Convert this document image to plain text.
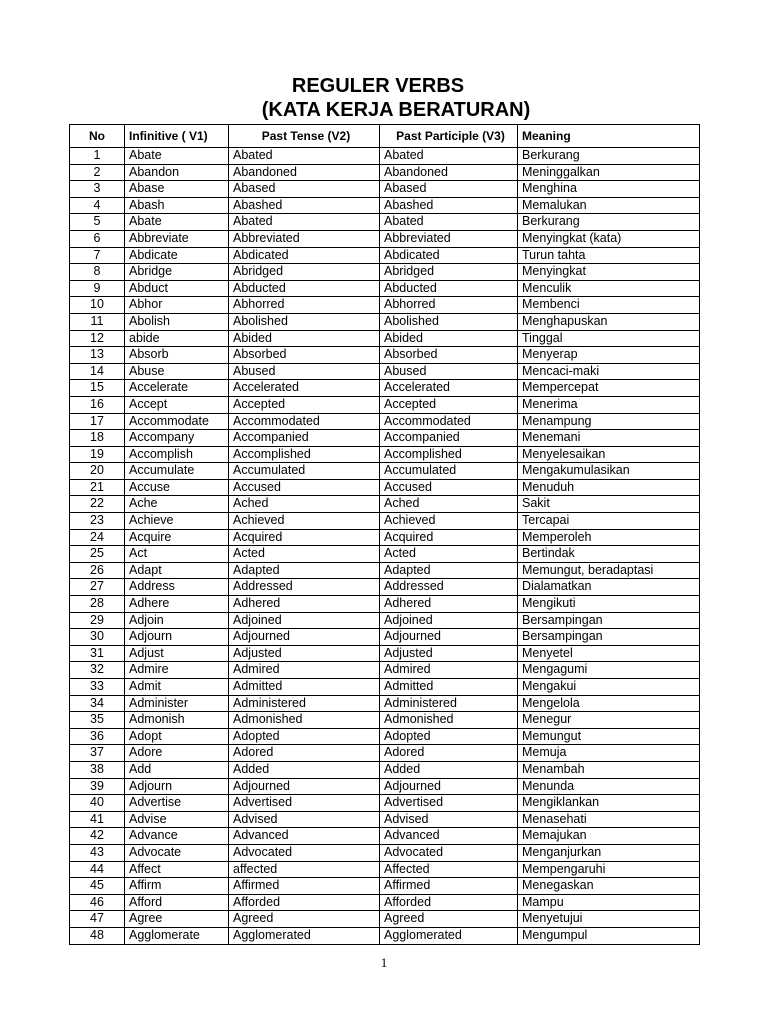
REGULER VERBS
(KATA KERJA BERATURAN)
No	Infinitive ( V1)	Past Tense (V2)	Past Participle (V3)	Meaning
1	Abate	Abated	Abated	Berkurang
2	Abandon	Abandoned	Abandoned	Meninggalkan
3	Abase	Abased	Abased	Menghina
4	Abash	Abashed	Abashed	Memalukan
5	Abate	Abated	Abated	Berkurang
6	Abbreviate	Abbreviated	Abbreviated	Menyingkat (kata)
7	Abdicate	Abdicated	Abdicated	Turun tahta
8	Abridge	Abridged	Abridged	Menyingkat
9	Abduct	Abducted	Abducted	Menculik
10	Abhor	Abhorred	Abhorred	Membenci
11	Abolish	Abolished	Abolished	Menghapuskan
12	abide	Abided	Abided	Tinggal
13	Absorb	Absorbed	Absorbed	Menyerap
14	Abuse	Abused	Abused	Mencaci-maki
15	Accelerate	Accelerated	Accelerated	Mempercepat
16	Accept	Accepted	Accepted	Menerima
17	Accommodate	Accommodated	Accommodated	Menampung
18	Accompany	Accompanied	Accompanied	Menemani
19	Accomplish	Accomplished	Accomplished	Menyelesaikan
20	Accumulate	Accumulated	Accumulated	Mengakumulasikan
21	Accuse	Accused	Accused	Menuduh
22	Ache	Ached	Ached	Sakit
23	Achieve	Achieved	Achieved	Tercapai
24	Acquire	Acquired	Acquired	Memperoleh
25	Act	Acted	Acted	Bertindak
26	Adapt	Adapted	Adapted	Memungut, beradaptasi
27	Address	Addressed	Addressed	Dialamatkan
28	Adhere	Adhered	Adhered	Mengikuti
29	Adjoin	Adjoined	Adjoined	Bersampingan
30	Adjourn	Adjourned	Adjourned	Bersampingan
31	Adjust	Adjusted	Adjusted	Menyetel
32	Admire	Admired	Admired	Mengagumi
33	Admit	Admitted	Admitted	Mengakui
34	Administer	Administered	Administered	Mengelola
35	Admonish	Admonished	Admonished	Menegur
36	Adopt	Adopted	Adopted	Memungut
37	Adore	Adored	Adored	Memuja
38	Add	Added	Added	Menambah
39	Adjourn	Adjourned	Adjourned	Menunda
40	Advertise	Advertised	Advertised	Mengiklankan
41	Advise	Advised	Advised	Menasehati
42	Advance	Advanced	Advanced	Memajukan
43	Advocate	Advocated	Advocated	Menganjurkan
44	Affect	affected	Affected	Mempengaruhi
45	Affirm	Affirmed	Affirmed	Menegaskan
46	Afford	Afforded	Afforded	Mampu
47	Agree	Agreed	Agreed	Menyetujui
48	Agglomerate	Agglomerated	Agglomerated	Mengumpul
1
